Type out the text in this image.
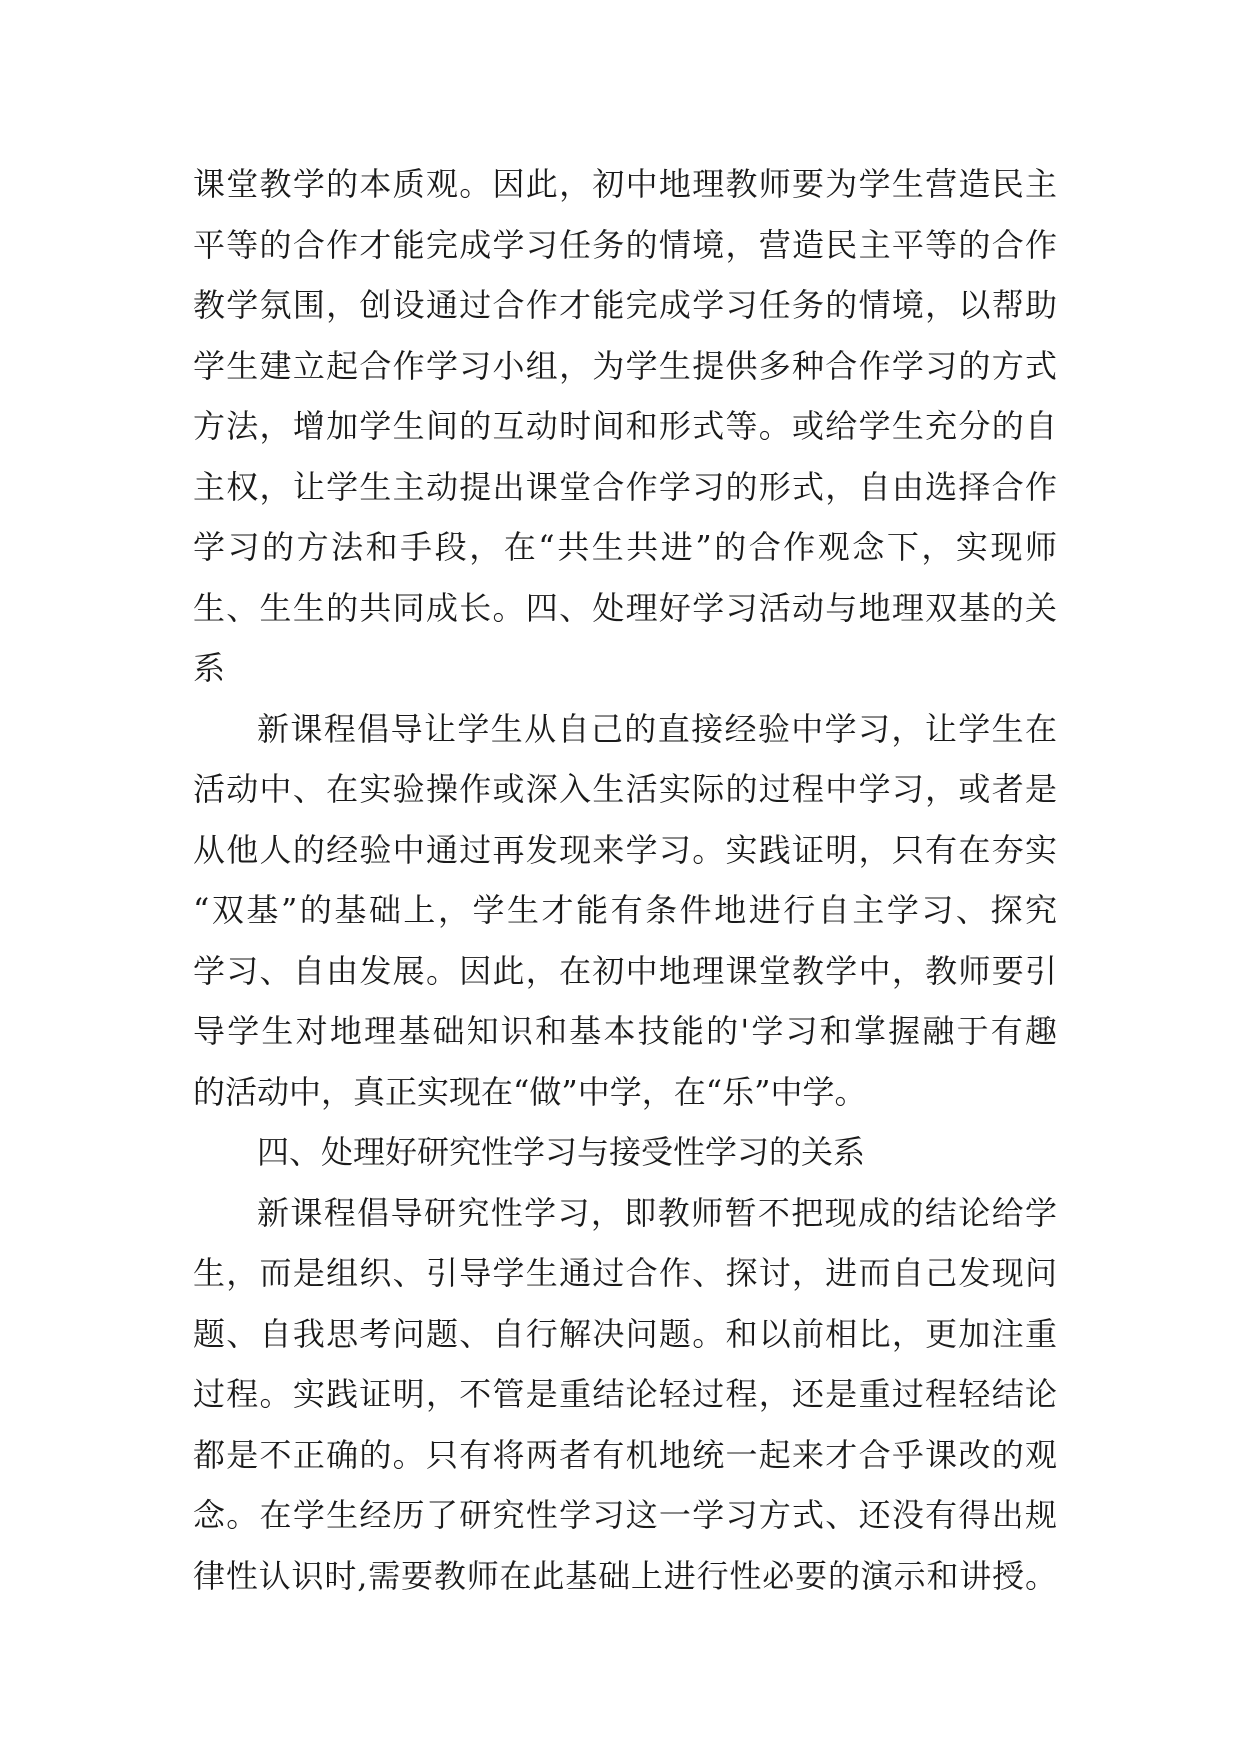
课堂教学的本质观。因此，初中地理教师要为学生营造民主
平等的合作才能完成学习任务的情境，营造民主平等的合作
教学氛围，创设通过合作才能完成学习任务的情境，以帮助
学生建立起合作学习小组，为学生提供多种合作学习的方式
方法，增加学生间的互动时间和形式等。或给学生充分的自
主权，让学生主动提出课堂合作学习的形式，自由选择合作
学习的方法和手段，在“共生共进”的合作观念下，实现师
生、生生的共同成长。四、处理好学习活动与地理双基的关
系
新课程倡导让学生从自己的直接经验中学习，让学生在
活动中、在实验操作或深入生活实际的过程中学习，或者是
从他人的经验中通过再发现来学习。实践证明，只有在夯实
“双基”的基础上，学生才能有条件地进行自主学习、探究
学习、自由发展。因此，在初中地理课堂教学中，教师要引
导学生对地理基础知识和基本技能的'学习和掌握融于有趣
的活动中，真正实现在“做”中学，在“乐”中学。
四、处理好研究性学习与接受性学习的关系
新课程倡导研究性学习，即教师暂不把现成的结论给学
生，而是组织、引导学生通过合作、探讨，进而自己发现问
题、自我思考问题、自行解决问题。和以前相比，更加注重
过程。实践证明，不管是重结论轻过程，还是重过程轻结论
都是不正确的。只有将两者有机地统一起来才合乎课改的观
念。在学生经历了研究性学习这一学习方式、还没有得出规
律性认识时,需要教师在此基础上进行性必要的演示和讲授。
